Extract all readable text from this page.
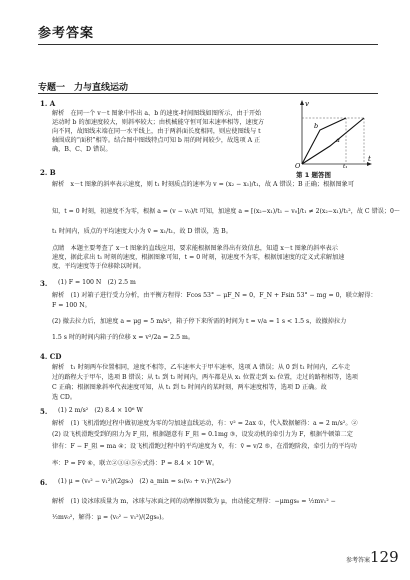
参考答案
专题一　力与直线运动
1. A
解析　在同一个 v－t 图象中作出 a、b 的速度-时间图线如图所示，由于开始
运动时 b 的加速度较大，则斜率较大；由机械能守恒可知末速率相等，速度方
向不同，故图线末端在同一水平线上，由于两斜面长度相同，则应使图线与 t
轴围成的“面积”相等。结合图中图线特点可知 b 用的时间较少，故选项 A 正
确，B、C、D 错误。
v
t
a
b
O	t₁
第 1 题答图
2. B
解析　x－t 图象的斜率表示速度，则 t₁ 时刻质点的速率为 v = (x₂ − x₁)/t₁，故 A 错误；B 正确；根据图象可
知，t = 0 时刻，初速度不为零，根据 a = (v − v₀)/t 可知，加速度 a = [(x₂−x₁)/t₁ − v₀]/t₁ ≠ 2(x₂−x₁)/t₁²，故 C 错误；0～
t₁ 时间内，质点的平均速度大小为 v̄ = x₁/t₁，故 D 错误，选 B。
点睛　本题主要考查了 x－t 图象的直线应用，要求能根据图象得出有效信息，知道 x－t 图象的斜率表示
速度，据此求出 t₁ 时刻的速度，根据图象可知，t = 0 时刻，初速度不为零，根据加速度的定义式求解加速
度，平均速度等于位移除以时间。
3. (1) F = 100 N　(2) 2.5 m
解析　(1) 对箱子进行受力分析，由平衡方程得：Fcos 53° − μF_N = 0，F_N + Fsin 53° − mg = 0，联立解得：
F = 100 N。
(2) 撤去拉力后，加速度 a = μg = 5 m/s²，箱子停下来所需的时间为 t = v/a = 1 s < 1.5 s，故撤掉拉力
1.5 s 时的时间内箱子的位移 x = v²/2a = 2.5 m。
4. CD
解析　t₁ 时刻两车位置相同，速度不相等，乙车速率大于甲车速率，选项 A 错误；从 0 到 t₁ 时间内，乙车走
过的路程大于甲车，选项 B 错误；从 t₁ 到 t₂ 时间内，两车都是从 x₁ 位置走到 x₂ 位置，走过的路程相等，选项
C 正确；根据图象斜率代表速度可知，从 t₁ 到 t₂ 时间内的某时刻，两车速度相等，选项 D 正确。故
选 CD。
5. (1) 2 m/s²　(2) 8.4 × 10⁶ W
解析　(1) 飞机滑跑过程中做初速度为零的匀加速直线运动，有：v² = 2ax ①，代入数据解得：a = 2 m/s²。②
(2) 设飞机滑跑受到的阻力为 F_阻，根据题意有 F_阻 = 0.1mg ③，设发动机的牵引力为 F，根据牛顿第二定
律有：F − F_阻 = ma ④；设飞机滑跑过程中的平均速度为 v̄，有：v̄ = v/2 ⑤，在滑跑阶段，牵引力的平均功
率：P = Fv̄ ⑥，联立②③④⑤⑥式得：P = 8.4 × 10⁶ W。
6. (1) μ = (v₀² − v₁²)/(2gs₀)　(2) a_min = s₁(v₀ + v₁)²/(2s₀²)
解析　(1) 设冰球质量为 m，冰球与冰面之间的动摩擦因数为 μ，由动能定理得：−μmgs₀ = ½mv₁² −
½mv₀²，解得：μ = (v₀² − v₁²)/(2gs₀)。
参考答案 129
